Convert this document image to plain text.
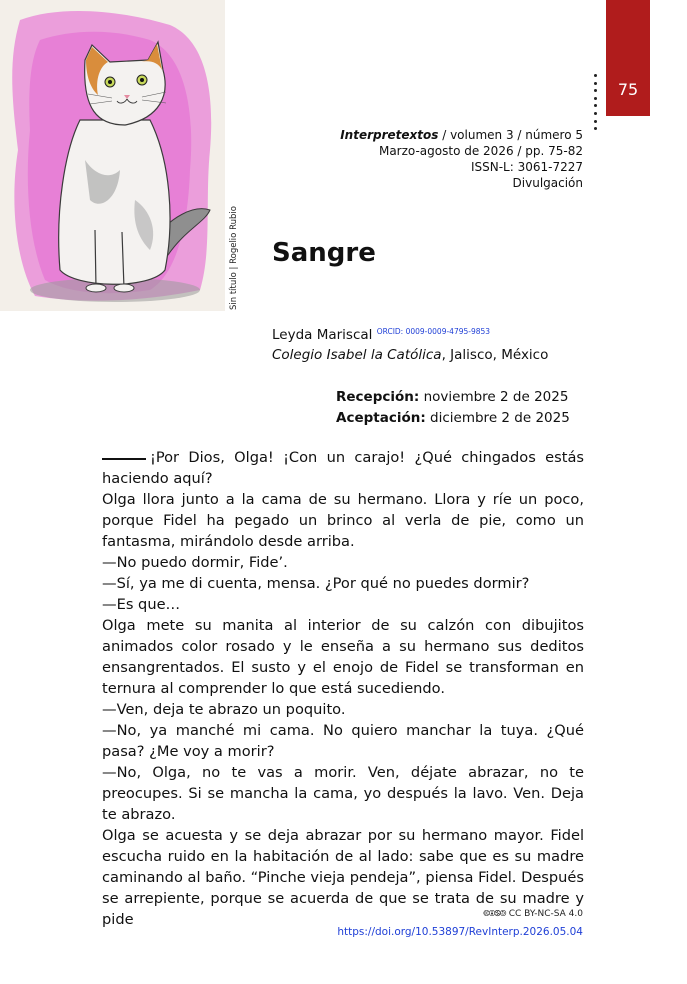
Sin título | Rogelio Rubio
75
Interpretextos / volumen 3 / número 5
Marzo-agosto de 2026 / pp. 75-82
ISSN-L: 3061-7227
Divulgación
Sangre
Leyda Mariscal $^{ORCID: 0009-0009-4795-9853}$
Colegio Isabel la Católica, Jalisco, México
Recepción: noviembre 2 de 2025
Aceptación: diciembre 2 de 2025

¡Por Dios, Olga! ¡Con un carajo! ¿Qué chingados estás haciendo aquí?

Olga llora junto a la cama de su hermano. Llora y ríe un poco, porque Fidel ha pegado un brinco al verla de pie, como un fantasma, mirándolo desde arriba.

—No puedo dormir, Fide’.

—Sí, ya me di cuenta, mensa. ¿Por qué no puedes dormir?

—Es que…

Olga mete su manita al interior de su calzón con dibujitos animados color rosado y le enseña a su hermano sus deditos ensangrentados. El susto y el enojo de Fidel se transforman en ternura al comprender lo que está sucediendo.

—Ven, deja te abrazo un poquito.

—No, ya manché mi cama. No quiero manchar la tuya. ¿Qué pasa? ¿Me voy a morir?

—No, Olga, no te vas a morir. Ven, déjate abrazar, no te preocupes. Si se mancha la cama, yo después la lavo. Ven. Deja te abrazo.

Olga se acuesta y se deja abrazar por su hermano mayor. Fidel escucha ruido en la habitación de al lado: sabe que es su madre caminando al baño. “Pinche vieja pendeja”, piensa Fidel. Después se arrepiente, porque se acuerda de que se trata de su madre y pide	🅭🅯🄏🄎 CC BY-NC-SA 4.0
https://doi.org/10.53897/RevInterp.2026.05.04
